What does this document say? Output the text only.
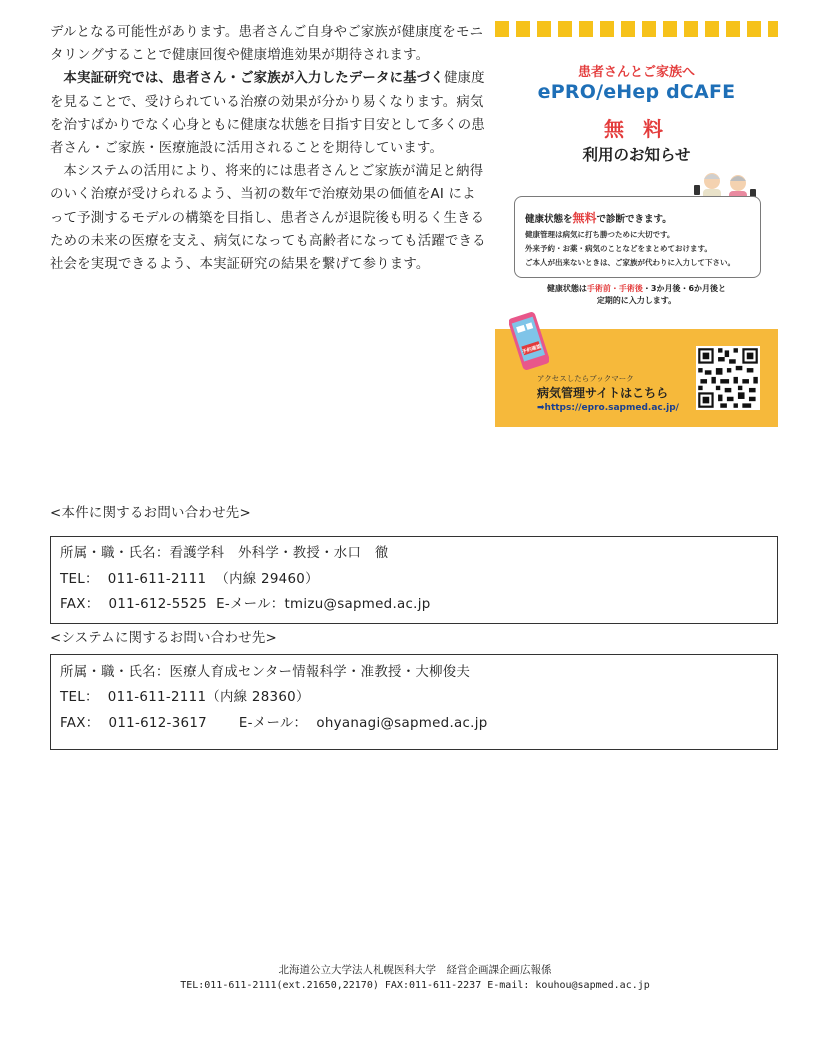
デルとなる可能性があります。患者さんご自身やご家族が健康度をモニタリングすることで健康回復や健康増進効果が期待されます。

本実証研究では、患者さん・ご家族が入力したデータに基づく健康度を見ることで、受けられている治療の効果が分かり易くなります。病気を治すばかりでなく心身ともに健康な状態を目指す目安として多くの患者さん・ご家族・医療施設に活用されることを期待しています。

本システムの活用により、将来的には患者さんとご家族が満足と納得のいく治療が受けられるよう、当初の数年で治療効果の価値をAI によって予測するモデルの構築を目指し、患者さんが退院後も明るく生きるための未来の医療を支え、病気になっても高齢者になっても活躍できる社会を実現できるよう、本実証研究の結果を繋げて参ります。

患者さんとご家族へ
ePRO/eHep dCAFE
無 料
利用のお知らせ
健康状態を無料で診断できます。
健康管理は病気に打ち勝つために大切です。
外来予約・お薬・病気のことなどをまとめておけます。
ご本人が出来ないときは、ご家族が代わりに入力して下さい。
健康状態は手術前・手術後・3か月後・6か月後と
定期的に入力します。
予約確認
アクセスしたらブックマーク
病気管理サイトはこちら
➡https://epro.sapmed.ac.jp/
<本件に関するお問い合わせ先>
所属・職・氏名：看護学科　外科学・教授・水口　徹
TEL：  011-611-2111  （内線 29460）
FAX：  011-612-5525  E-メール：tmizu@sapmed.ac.jp
<システムに関するお問い合わせ先>
所属・職・氏名：医療人育成センター情報科学・准教授・大柳俊夫
TEL：  011-611-2111（内線 28360）
FAX：  011-612-3617       E-メール：  ohyanagi@sapmed.ac.jp
北海道公立大学法人札幌医科大学　経営企画課企画広報係
TEL:011-611-2111(ext.21650,22170) FAX:011-611-2237 E-mail: kouhou@sapmed.ac.jp
